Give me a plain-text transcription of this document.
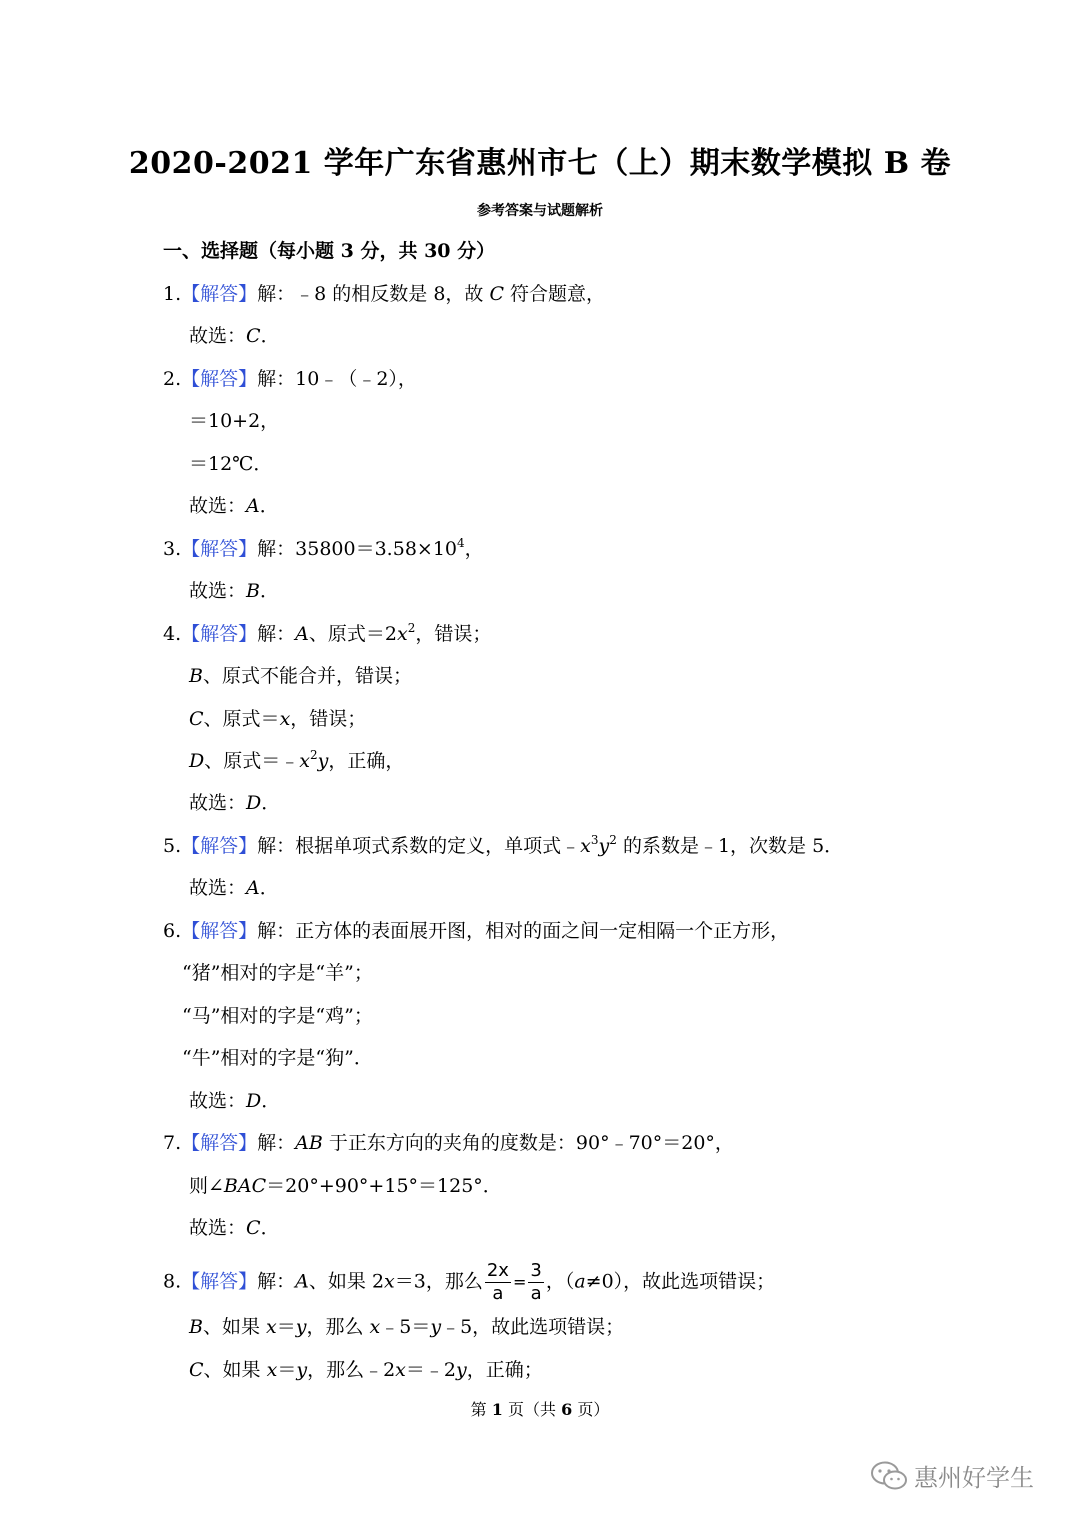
2020-2021 学年广东省惠州市七（上）期末数学模拟 B 卷
参考答案与试题解析
一、选择题（每小题 3 分，共 30 分）
1.【解答】解：﹣8 的相反数是 8，故 C 符合题意，
故选：C．
2.【解答】解：10﹣（﹣2），
＝10+2，
＝12℃．
故选：A．
3.【解答】解：$35800=3.58\times 10^4$，
故选：B．
4.【解答】解：A、原式$=2x^2$，错误；
B、原式不能合并，错误；
C、原式＝x，错误；
D、原式$=﹣x^2y$，正确，
故选：D．
5.【解答】解：根据单项式系数的定义，单项式$﹣x^3y^2$ 的系数是﹣1，次数是 5．
故选：A．
6.【解答】解：正方体的表面展开图，相对的面之间一定相隔一个正方形，
“猪”相对的字是“羊”；
“马”相对的字是“鸡”；
“牛”相对的字是“狗”．
故选：D．
7.【解答】解：AB 于正东方向的夹角的度数是：90°﹣70°＝20°，
则∠BAC＝20°+90°+15°＝125°．
故选：C．
8.【解答】解：A、如果 2x＝3，那么 $\frac{2x}{a} = \frac{3}{a}$ ，（a≠0），故此选项错误；
B、如果 x＝y，那么 x﹣5＝y﹣5，故此选项错误；
C、如果 x＝y，那么﹣2x＝﹣2y，正确；
第 1 页（共 6 页）
惠州好学生
